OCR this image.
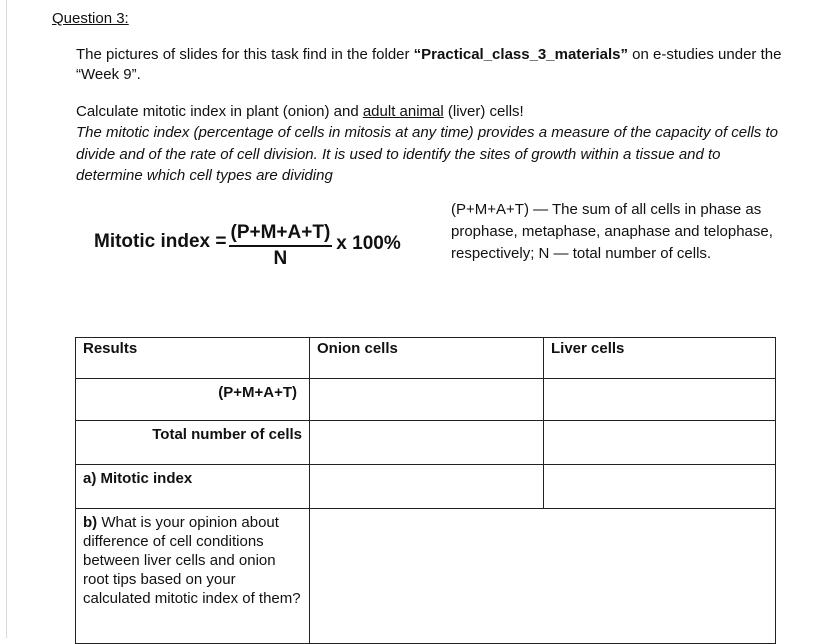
Question 3:
The pictures of slides for this task find in the folder “Practical_class_3_materials” on e-studies under the “Week 9”.
Calculate mitotic index in plant (onion) and adult animal (liver) cells!
The mitotic index (percentage of cells in mitosis at any time) provides a measure of the capacity of cells to divide and of the rate of cell division. It is used to identify the sites of growth within a tissue and to determine which cell types are dividing
Mitotic index = $\frac{(P+M+A+T)}{N}$ x 100%
(P+M+A+T) — The sum of all cells in phase as prophase, metaphase, anaphase and telophase, respectively; N — total number of cells.
Results	Onion cells	Liver cells
(P+M+A+T)		
Total number of cells		
a) Mitotic index		
b) What is your opinion about difference of cell conditions between liver cells and onion root tips based on your calculated mitotic index of them?		
